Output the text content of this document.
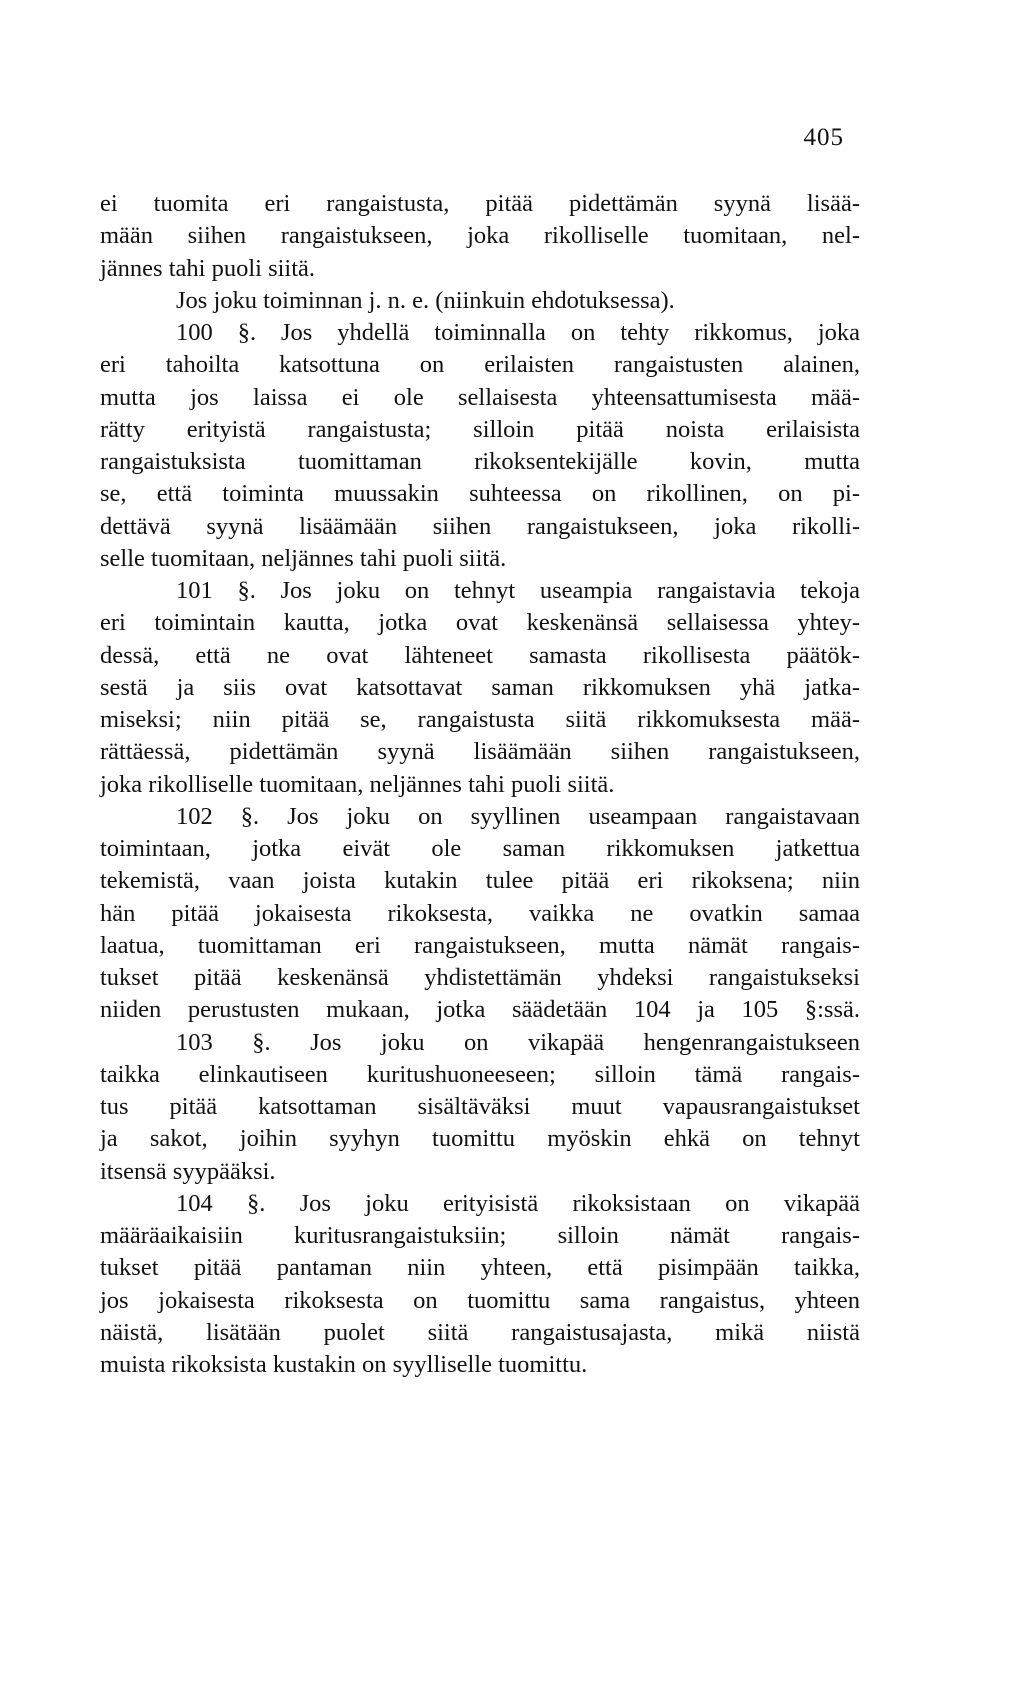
405
ei tuomita eri rangaistusta, pitää pidettämän syynä lisää-
mään siihen rangaistukseen, joka rikolliselle tuomitaan, nel-
jännes tahi puoli siitä.
Jos joku toiminnan j. n. e. (niinkuin ehdotuksessa).
100 §. Jos yhdellä toiminnalla on tehty rikkomus, joka
eri tahoilta katsottuna on erilaisten rangaistusten alainen,
mutta jos laissa ei ole sellaisesta yhteensattumisesta mää-
rätty erityistä rangaistusta; silloin pitää noista erilaisista
rangaistuksista tuomittaman rikoksentekijälle kovin, mutta
se, että toiminta muussakin suhteessa on rikollinen, on pi-
dettävä syynä lisäämään siihen rangaistukseen, joka rikolli-
selle tuomitaan, neljännes tahi puoli siitä.
101 §. Jos joku on tehnyt useampia rangaistavia tekoja
eri toimintain kautta, jotka ovat keskenänsä sellaisessa yhtey-
dessä, että ne ovat lähteneet samasta rikollisesta päätök-
sestä ja siis ovat katsottavat saman rikkomuksen yhä jatka-
miseksi; niin pitää se, rangaistusta siitä rikkomuksesta mää-
rättäessä, pidettämän syynä lisäämään siihen rangaistukseen,
joka rikolliselle tuomitaan, neljännes tahi puoli siitä.
102 §. Jos joku on syyllinen useampaan rangaistavaan
toimintaan, jotka eivät ole saman rikkomuksen jatkettua
tekemistä, vaan joista kutakin tulee pitää eri rikoksena; niin
hän pitää jokaisesta rikoksesta, vaikka ne ovatkin samaa
laatua, tuomittaman eri rangaistukseen, mutta nämät rangais-
tukset pitää keskenänsä yhdistettämän yhdeksi rangaistukseksi
niiden perustusten mukaan, jotka säädetään 104 ja 105 §:ssä.
103 §. Jos joku on vikapää hengenrangaistukseen
taikka elinkautiseen kuritushuoneeseen; silloin tämä rangais-
tus pitää katsottaman sisältäväksi muut vapausrangaistukset
ja sakot, joihin syyhyn tuomittu myöskin ehkä on tehnyt
itsensä syypääksi.
104 §. Jos joku erityisistä rikoksistaan on vikapää
määräaikaisiin kuritusrangaistuksiin; silloin nämät rangais-
tukset pitää pantaman niin yhteen, että pisimpään taikka,
jos jokaisesta rikoksesta on tuomittu sama rangaistus, yhteen
näistä, lisätään puolet siitä rangaistusajasta, mikä niistä
muista rikoksista kustakin on syylliselle tuomittu.
